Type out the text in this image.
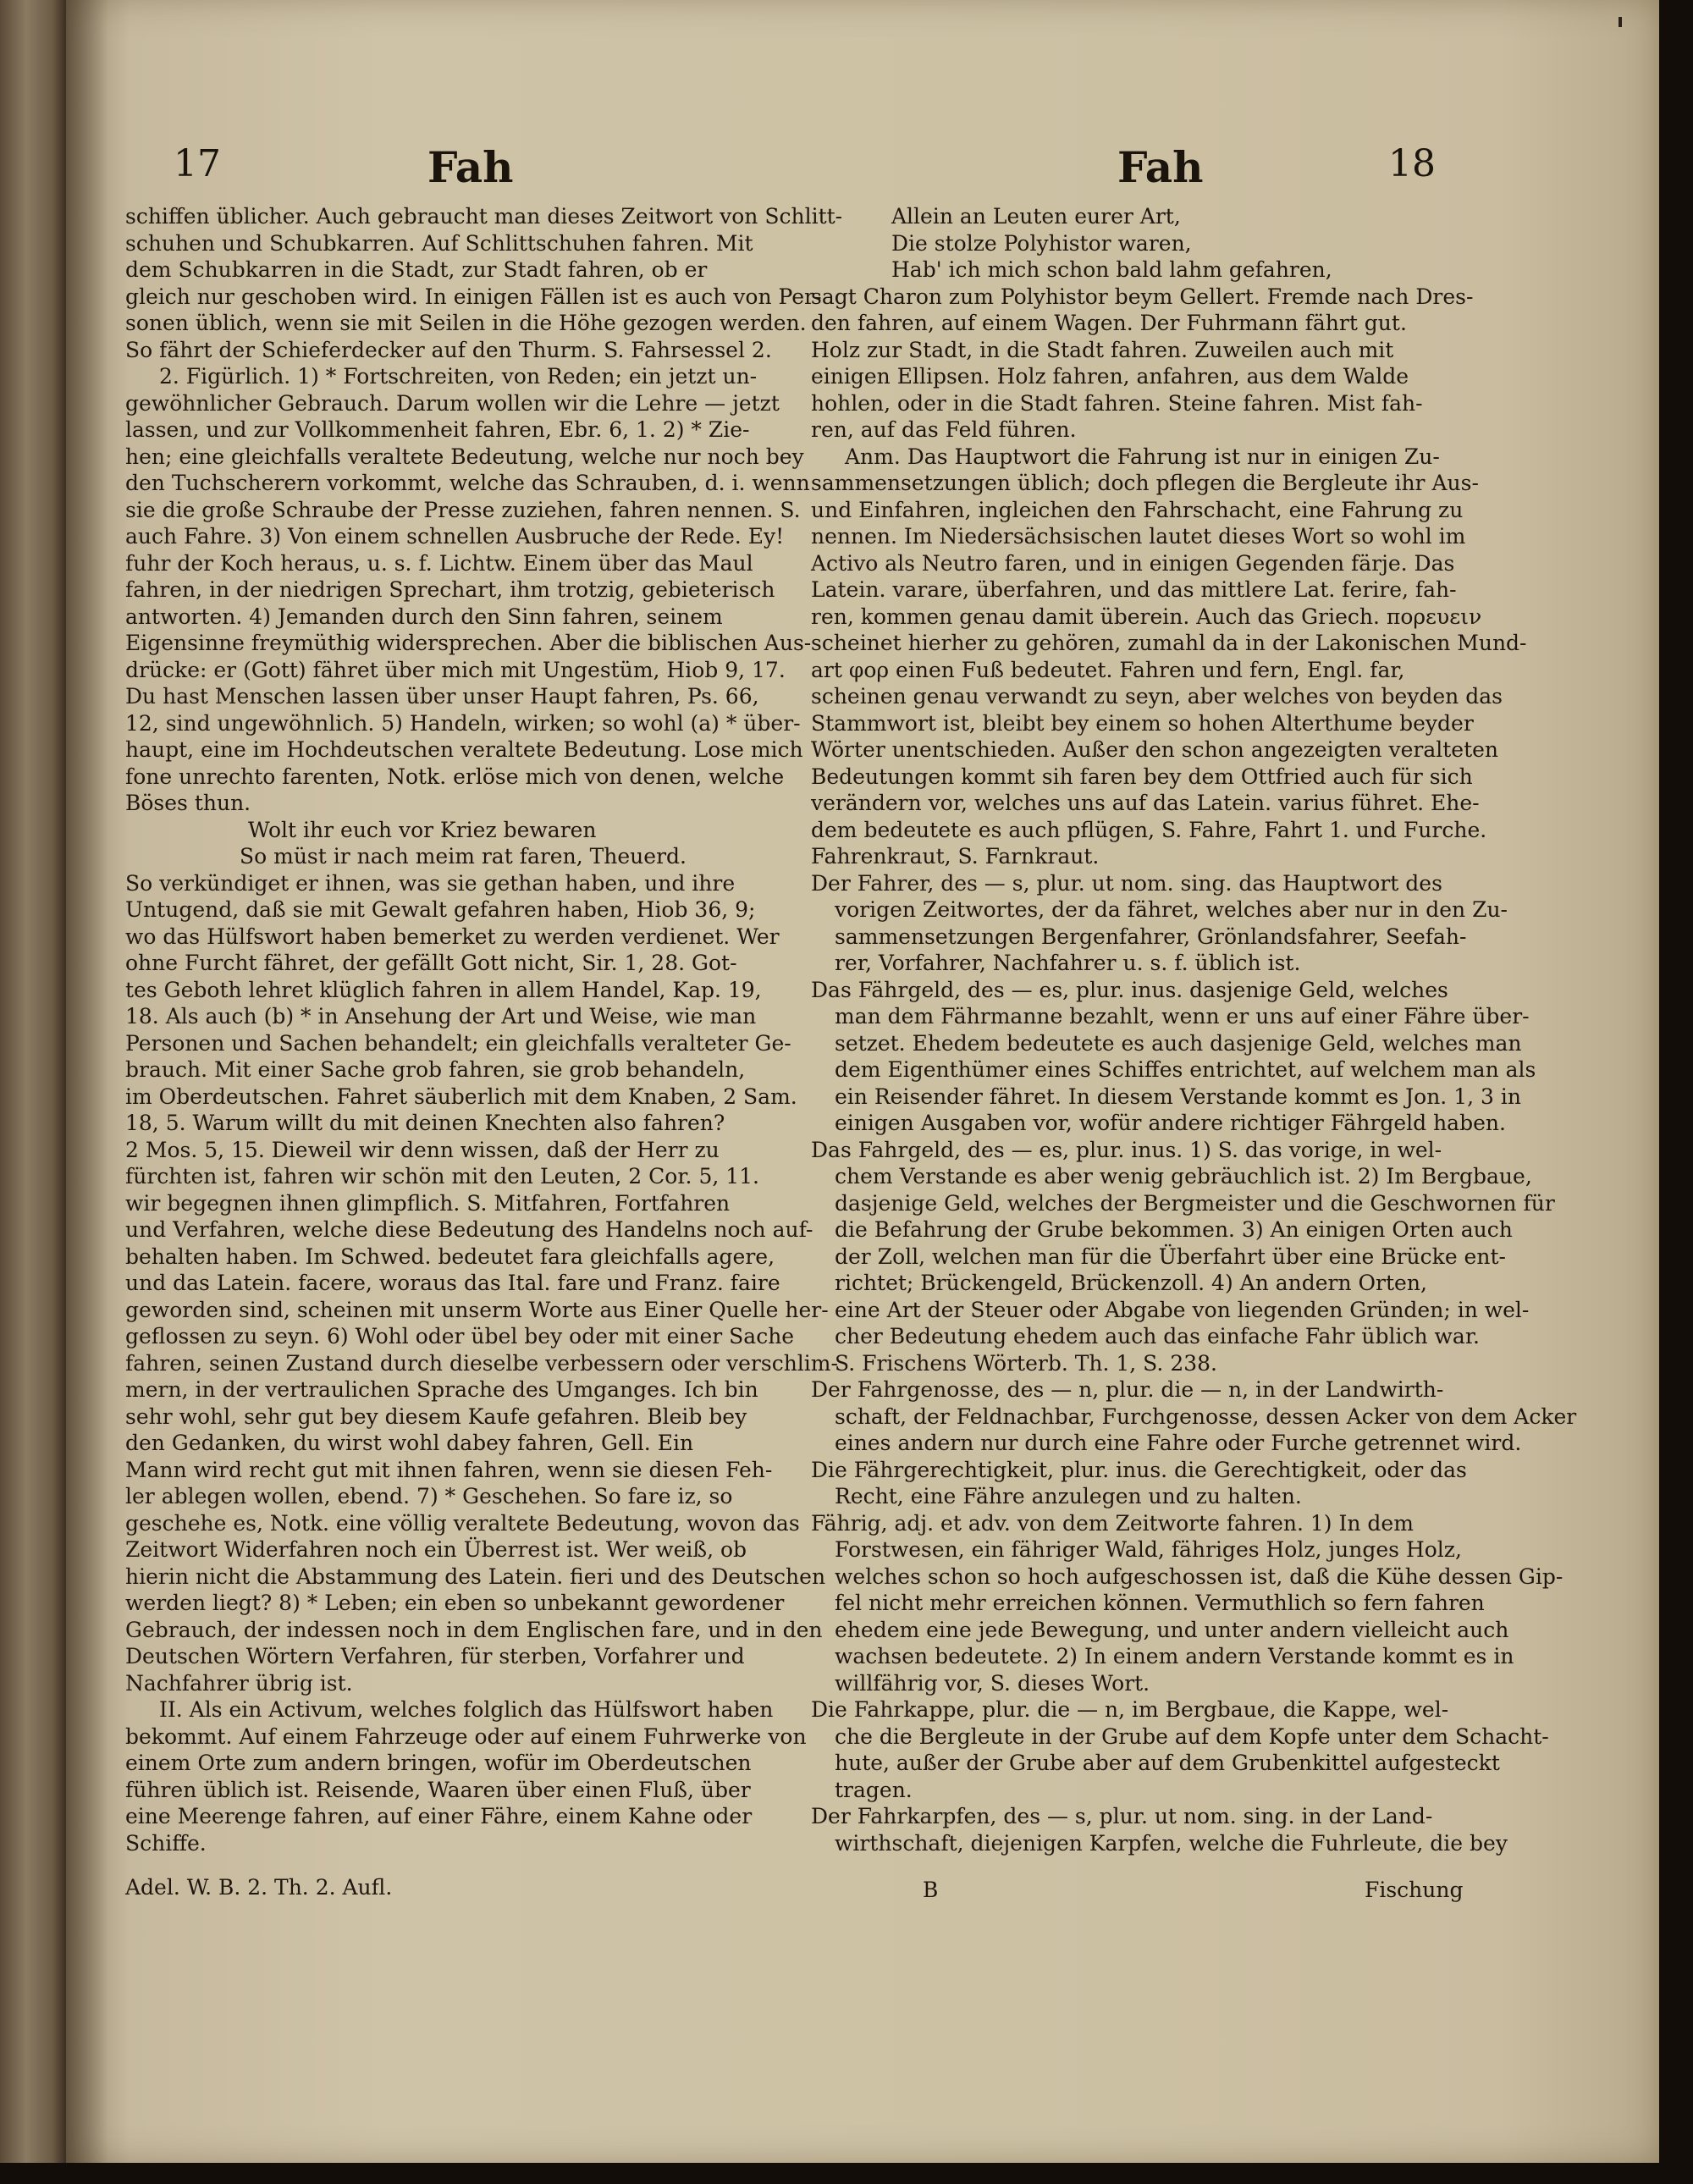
17	Fah	Fah	18
schiffen üblicher. Auch gebraucht man dieses Zeitwort von Schlitt-
schuhen und Schubkarren. Auf Schlittschuhen fahren. Mit
dem Schubkarren in die Stadt, zur Stadt fahren, ob er
gleich nur geschoben wird. In einigen Fällen ist es auch von Per-
sonen üblich, wenn sie mit Seilen in die Höhe gezogen werden.
So fährt der Schieferdecker auf den Thurm. S. Fahrsessel 2.
2. Figürlich. 1) * Fortschreiten, von Reden; ein jetzt un-
gewöhnlicher Gebrauch. Darum wollen wir die Lehre — jetzt
lassen, und zur Vollkommenheit fahren, Ebr. 6, 1. 2) * Zie-
hen; eine gleichfalls veraltete Bedeutung, welche nur noch bey
den Tuchscherern vorkommt, welche das Schrauben, d. i. wenn
sie die große Schraube der Presse zuziehen, fahren nennen. S.
auch Fahre. 3) Von einem schnellen Ausbruche der Rede. Ey!
fuhr der Koch heraus, u. s. f. Lichtw. Einem über das Maul
fahren, in der niedrigen Sprechart, ihm trotzig, gebieterisch
antworten. 4) Jemanden durch den Sinn fahren, seinem
Eigensinne freymüthig widersprechen. Aber die biblischen Aus-
drücke: er (Gott) fähret über mich mit Ungestüm, Hiob 9, 17.
Du hast Menschen lassen über unser Haupt fahren, Ps. 66,
12, sind ungewöhnlich. 5) Handeln, wirken; so wohl (a) * über-
haupt, eine im Hochdeutschen veraltete Bedeutung. Lose mich
fone unrechto farenten, Notk. erlöse mich von denen, welche
Böses thun.
Wolt ihr euch vor Kriez bewaren
So müst ir nach meim rat faren, Theuerd.
So verkündiget er ihnen, was sie gethan haben, und ihre
Untugend, daß sie mit Gewalt gefahren haben, Hiob 36, 9;
wo das Hülfswort haben bemerket zu werden verdienet. Wer
ohne Furcht fähret, der gefällt Gott nicht, Sir. 1, 28. Got-
tes Geboth lehret klüglich fahren in allem Handel, Kap. 19,
18. Als auch (b) * in Ansehung der Art und Weise, wie man
Personen und Sachen behandelt; ein gleichfalls veralteter Ge-
brauch. Mit einer Sache grob fahren, sie grob behandeln,
im Oberdeutschen. Fahret säuberlich mit dem Knaben, 2 Sam.
18, 5. Warum willt du mit deinen Knechten also fahren?
2 Mos. 5, 15. Dieweil wir denn wissen, daß der Herr zu
fürchten ist, fahren wir schön mit den Leuten, 2 Cor. 5, 11.
wir begegnen ihnen glimpflich. S. Mitfahren, Fortfahren
und Verfahren, welche diese Bedeutung des Handelns noch auf-
behalten haben. Im Schwed. bedeutet fara gleichfalls agere,
und das Latein. facere, woraus das Ital. fare und Franz. faire
geworden sind, scheinen mit unserm Worte aus Einer Quelle her-
geflossen zu seyn. 6) Wohl oder übel bey oder mit einer Sache
fahren, seinen Zustand durch dieselbe verbessern oder verschlim-
mern, in der vertraulichen Sprache des Umganges. Ich bin
sehr wohl, sehr gut bey diesem Kaufe gefahren. Bleib bey
den Gedanken, du wirst wohl dabey fahren, Gell. Ein
Mann wird recht gut mit ihnen fahren, wenn sie diesen Feh-
ler ablegen wollen, ebend. 7) * Geschehen. So fare iz, so
geschehe es, Notk. eine völlig veraltete Bedeutung, wovon das
Zeitwort Widerfahren noch ein Überrest ist. Wer weiß, ob
hierin nicht die Abstammung des Latein. fieri und des Deutschen
werden liegt? 8) * Leben; ein eben so unbekannt gewordener
Gebrauch, der indessen noch in dem Englischen fare, und in den
Deutschen Wörtern Verfahren, für sterben, Vorfahrer und
Nachfahrer übrig ist.
II. Als ein Activum, welches folglich das Hülfswort haben
bekommt. Auf einem Fahrzeuge oder auf einem Fuhrwerke von
einem Orte zum andern bringen, wofür im Oberdeutschen
führen üblich ist. Reisende, Waaren über einen Fluß, über
eine Meerenge fahren, auf einer Fähre, einem Kahne oder
Schiffe.
Allein an Leuten eurer Art,
Die stolze Polyhistor waren,
Hab' ich mich schon bald lahm gefahren,
sagt Charon zum Polyhistor beym Gellert. Fremde nach Dres-
den fahren, auf einem Wagen. Der Fuhrmann fährt gut.
Holz zur Stadt, in die Stadt fahren. Zuweilen auch mit
einigen Ellipsen. Holz fahren, anfahren, aus dem Walde
hohlen, oder in die Stadt fahren. Steine fahren. Mist fah-
ren, auf das Feld führen.
Anm. Das Hauptwort die Fahrung ist nur in einigen Zu-
sammensetzungen üblich; doch pflegen die Bergleute ihr Aus-
und Einfahren, ingleichen den Fahrschacht, eine Fahrung zu
nennen. Im Niedersächsischen lautet dieses Wort so wohl im
Activo als Neutro faren, und in einigen Gegenden färje. Das
Latein. varare, überfahren, und das mittlere Lat. ferire, fah-
ren, kommen genau damit überein. Auch das Griech. πορευειν
scheinet hierher zu gehören, zumahl da in der Lakonischen Mund-
art φορ einen Fuß bedeutet. Fahren und fern, Engl. far,
scheinen genau verwandt zu seyn, aber welches von beyden das
Stammwort ist, bleibt bey einem so hohen Alterthume beyder
Wörter unentschieden. Außer den schon angezeigten veralteten
Bedeutungen kommt sih faren bey dem Ottfried auch für sich
verändern vor, welches uns auf das Latein. varius führet. Ehe-
dem bedeutete es auch pflügen, S. Fahre, Fahrt 1. und Furche.
Fahrenkraut, S. Farnkraut.
Der Fahrer, des — s, plur. ut nom. sing. das Hauptwort des
vorigen Zeitwortes, der da fähret, welches aber nur in den Zu-
sammensetzungen Bergenfahrer, Grönlandsfahrer, Seefah-
rer, Vorfahrer, Nachfahrer u. s. f. üblich ist.
Das Fährgeld, des — es, plur. inus. dasjenige Geld, welches
man dem Fährmanne bezahlt, wenn er uns auf einer Fähre über-
setzet. Ehedem bedeutete es auch dasjenige Geld, welches man
dem Eigenthümer eines Schiffes entrichtet, auf welchem man als
ein Reisender fähret. In diesem Verstande kommt es Jon. 1, 3 in
einigen Ausgaben vor, wofür andere richtiger Fährgeld haben.
Das Fahrgeld, des — es, plur. inus. 1) S. das vorige, in wel-
chem Verstande es aber wenig gebräuchlich ist. 2) Im Bergbaue,
dasjenige Geld, welches der Bergmeister und die Geschwornen für
die Befahrung der Grube bekommen. 3) An einigen Orten auch
der Zoll, welchen man für die Überfahrt über eine Brücke ent-
richtet; Brückengeld, Brückenzoll. 4) An andern Orten,
eine Art der Steuer oder Abgabe von liegenden Gründen; in wel-
cher Bedeutung ehedem auch das einfache Fahr üblich war.
S. Frischens Wörterb. Th. 1, S. 238.
Der Fahrgenosse, des — n, plur. die — n, in der Landwirth-
schaft, der Feldnachbar, Furchgenosse, dessen Acker von dem Acker
eines andern nur durch eine Fahre oder Furche getrennet wird.
Die Fährgerechtigkeit, plur. inus. die Gerechtigkeit, oder das
Recht, eine Fähre anzulegen und zu halten.
Fährig, adj. et adv. von dem Zeitworte fahren. 1) In dem
Forstwesen, ein fähriger Wald, fähriges Holz, junges Holz,
welches schon so hoch aufgeschossen ist, daß die Kühe dessen Gip-
fel nicht mehr erreichen können. Vermuthlich so fern fahren
ehedem eine jede Bewegung, und unter andern vielleicht auch
wachsen bedeutete. 2) In einem andern Verstande kommt es in
willfährig vor, S. dieses Wort.
Die Fahrkappe, plur. die — n, im Bergbaue, die Kappe, wel-
che die Bergleute in der Grube auf dem Kopfe unter dem Schacht-
hute, außer der Grube aber auf dem Grubenkittel aufgesteckt
tragen.
Der Fahrkarpfen, des — s, plur. ut nom. sing. in der Land-
wirthschaft, diejenigen Karpfen, welche die Fuhrleute, die bey
Adel. W. B. 2. Th. 2. Aufl.	B	Fischung
